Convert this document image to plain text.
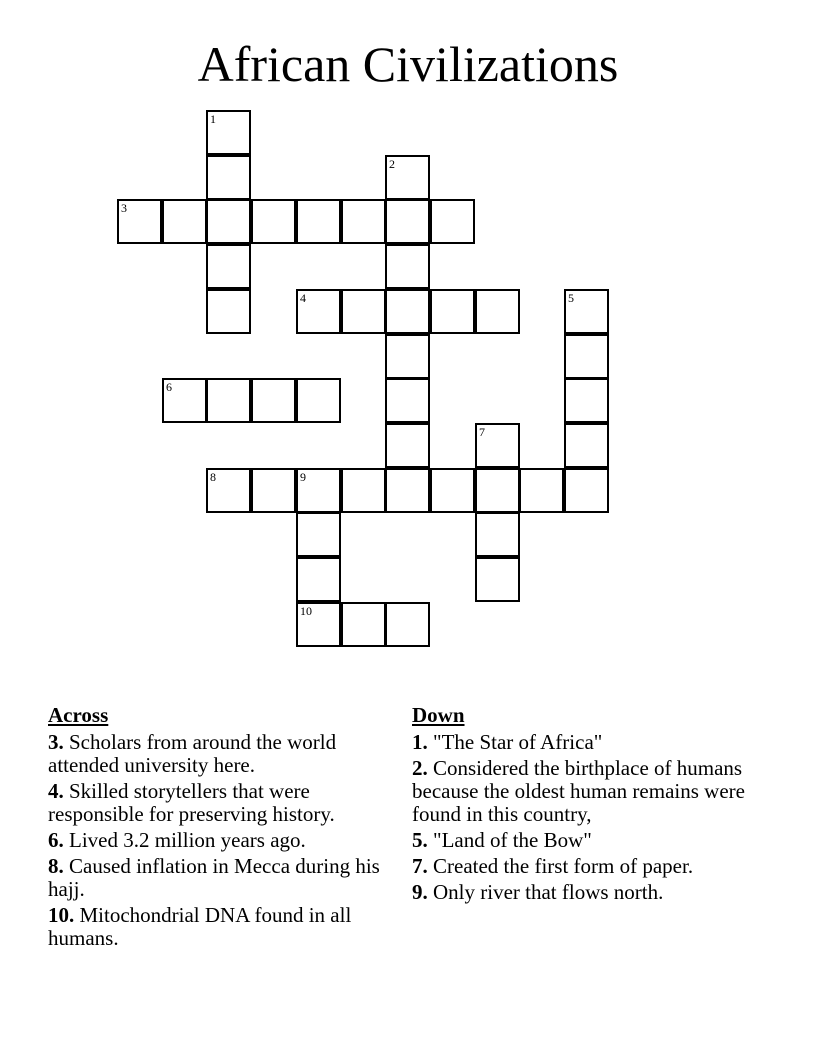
African Civilizations
1
2
3
4	5
6
7
8	9
10
Across
3. Scholars from around the world attended university here.
4. Skilled storytellers that were responsible for preserving history.
6. Lived 3.2 million years ago.
8. Caused inflation in Mecca during his hajj.
10. Mitochondrial DNA found in all humans.
Down
1. "The Star of Africa"
2. Considered the birthplace of humans because the oldest human remains were found in this country,
5. "Land of the Bow"
7. Created the first form of paper.
9. Only river that flows north.
